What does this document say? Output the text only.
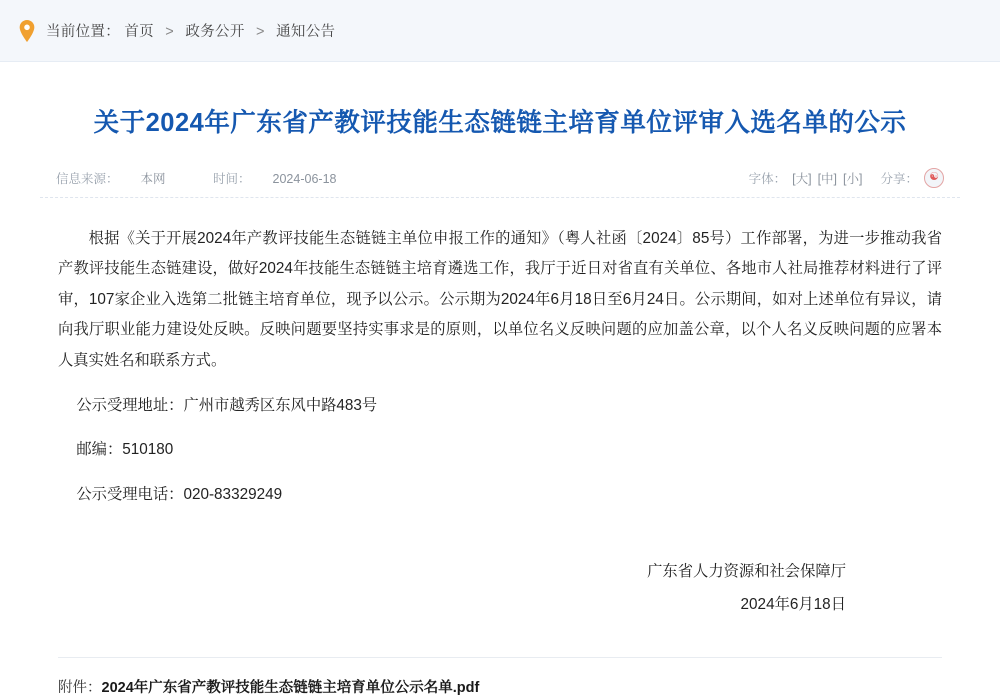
当前位置： 首页 > 政务公开 > 通知公告
关于2024年广东省产教评技能生态链链主培育单位评审入选名单的公示
信息来源： 本网	时间： 2024-06-18	字体： [大] [中] [小] 分享：	☯

根据《关于开展2024年产教评技能生态链链主单位申报工作的通知》（粤人社函〔2024〕85号）工作部署，为进一步推动我省产教评技能生态链建设，做好2024年技能生态链链主培育遴选工作，我厅于近日对省直有关单位、各地市人社局推荐材料进行了评审，107家企业入选第二批链主培育单位，现予以公示。公示期为2024年6月18日至6月24日。公示期间，如对上述单位有异议，请向我厅职业能力建设处反映。反映问题要坚持实事求是的原则，以单位名义反映问题的应加盖公章，以个人名义反映问题的应署本人真实姓名和联系方式。

公示受理地址：广州市越秀区东风中路483号

邮编：510180

公示受理电话：020-83329249

广东省人力资源和社会保障厅
2024年6月18日
附件：2024年广东省产教评技能生态链链主培育单位公示名单.pdf
